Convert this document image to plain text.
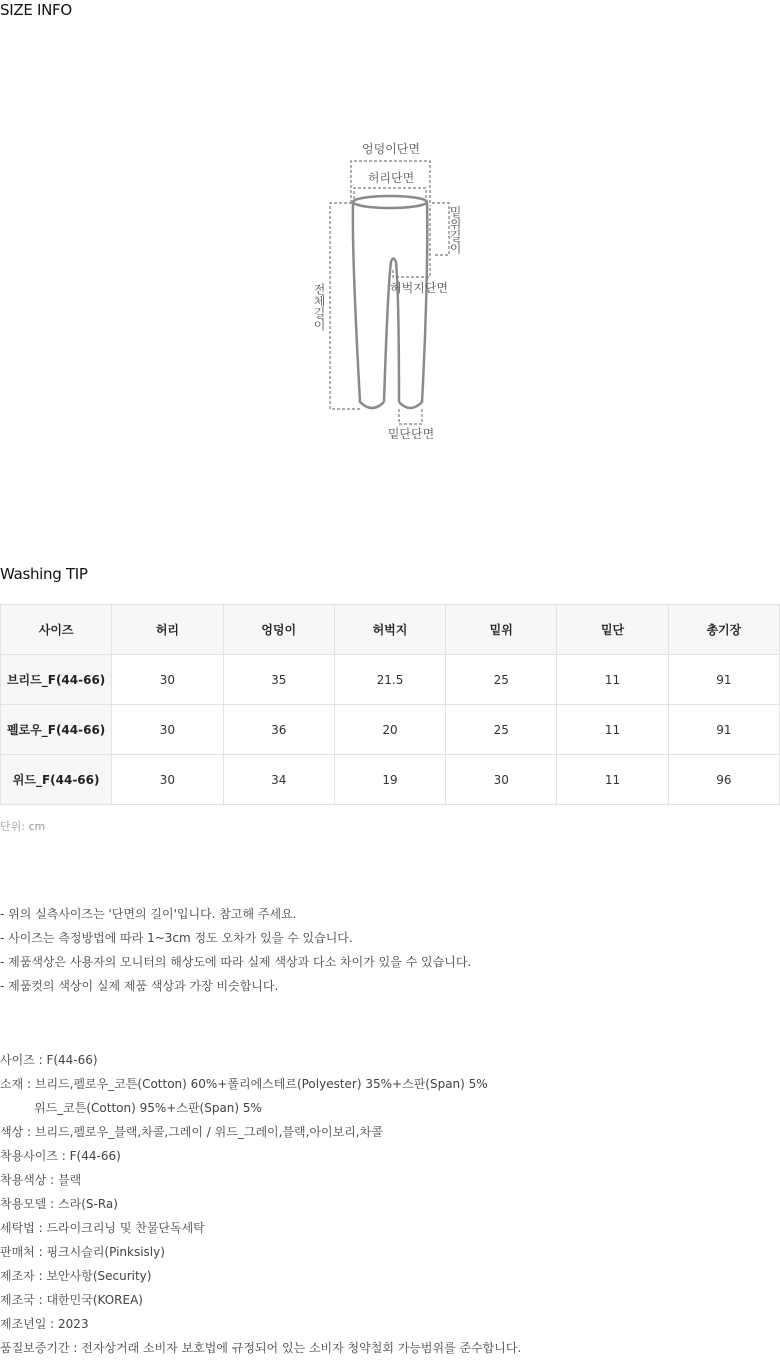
SIZE INFO
엉덩이단면
허리단면
밑위길이
허벅지단면
전체길이
밑단단면
Washing TIP
사이즈	허리	엉덩이	허벅지	밑위	밑단	총기장
브리드_F(44-66)	30	35	21.5	25	11	91
펠로우_F(44-66)	30	36	20	25	11	91
위드_F(44-66)	30	34	19	30	11	96
단위: cm
- 위의 실측사이즈는 '단면의 길이'입니다. 참고해 주세요.
- 사이즈는 측정방법에 따라 1~3cm 정도 오차가 있을 수 있습니다.
- 제품색상은 사용자의 모니터의 해상도에 따라 실제 색상과 다소 차이가 있을 수 있습니다.
- 제품컷의 색상이 실제 제품 색상과 가장 비슷합니다.
사이즈 : F(44-66)
소재 : 브리드,펠로우_코튼(Cotton) 60%+폴리에스테르(Polyester) 35%+스판(Span) 5%
위드_코튼(Cotton) 95%+스판(Span) 5%
색상 : 브리드,펠로우_블랙,차콜,그레이 / 위드_그레이,블랙,아이보리,차콜
착용사이즈 : F(44-66)
착용색상 : 블랙
착용모델 : 스라(S-Ra)
세탁법 : 드라이크리닝 및 찬물단독세탁
판매처 : 핑크시슬리(Pinksisly)
제조자 : 보안사항(Security)
제조국 : 대한민국(KOREA)
제조년일 : 2023
품질보증기간 : 전자상거래 소비자 보호법에 규정되어 있는 소비자 청약철회 가능범위를 준수합니다.
